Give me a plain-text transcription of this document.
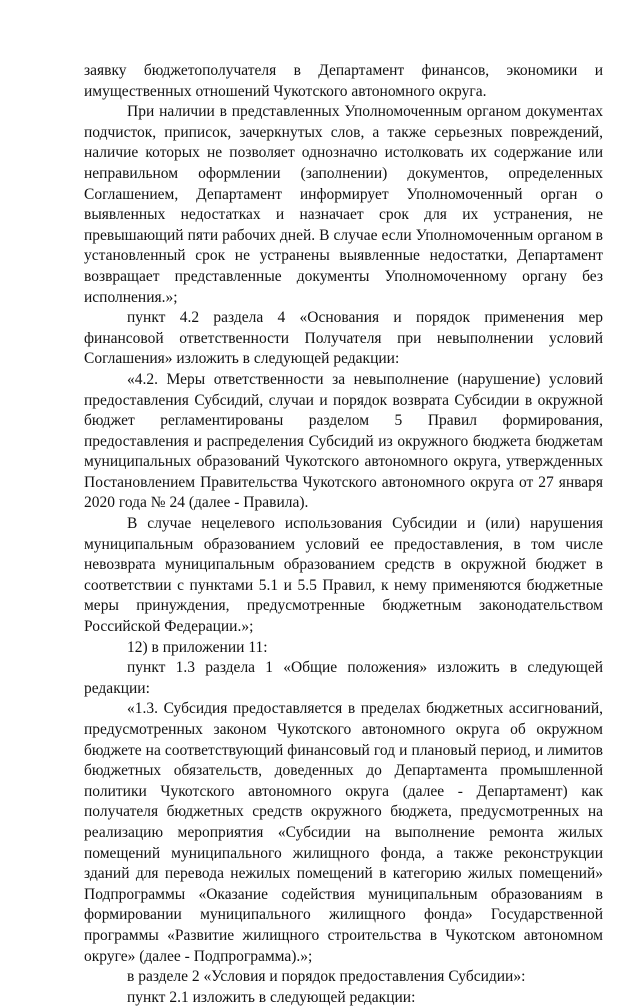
заявку бюджетополучателя в Департамент финансов, экономики и имущественных отношений Чукотского автономного округа.

При наличии в представленных Уполномоченным органом документах подчисток, приписок, зачеркнутых слов, а также серьезных повреждений, наличие которых не позволяет однозначно истолковать их содержание или неправильном оформлении (заполнении) документов, определенных Соглашением, Департамент информирует Уполномоченный орган о выявленных недостатках и назначает срок для их устранения, не превышающий пяти рабочих дней. В случае если Уполномоченным органом в установленный срок не устранены выявленные недостатки, Департамент возвращает представленные документы Уполномоченному органу без исполнения.»;

пункт 4.2 раздела 4 «Основания и порядок применения мер финансовой ответственности Получателя при невыполнении условий Соглашения» изложить в следующей редакции:

«4.2. Меры ответственности за невыполнение (нарушение) условий предоставления Субсидий, случаи и порядок возврата Субсидии в окружной бюджет регламентированы разделом 5 Правил формирования, предоставления и распределения Субсидий из окружного бюджета бюджетам муниципальных образований Чукотского автономного округа, утвержденных Постановлением Правительства Чукотского автономного округа от 27 января 2020 года № 24 (далее - Правила).

В случае нецелевого использования Субсидии и (или) нарушения муниципальным образованием условий ее предоставления, в том числе невозврата муниципальным образованием средств в окружной бюджет в соответствии с пунктами 5.1 и 5.5 Правил, к нему применяются бюджетные меры принуждения, предусмотренные бюджетным законодательством Российской Федерации.»;

12) в приложении 11:

пункт 1.3 раздела 1 «Общие положения» изложить в следующей редакции:

«1.3. Субсидия предоставляется в пределах бюджетных ассигнований, предусмотренных законом Чукотского автономного округа об окружном бюджете на соответствующий финансовый год и плановый период, и лимитов бюджетных обязательств, доведенных до Департамента промышленной политики Чукотского автономного округа (далее - Департамент) как получателя бюджетных средств окружного бюджета, предусмотренных на реализацию мероприятия «Субсидии на выполнение ремонта жилых помещений муниципального жилищного фонда, а также реконструкции зданий для перевода нежилых помещений в категорию жилых помещений» Подпрограммы «Оказание содействия муниципальным образованиям в формировании муниципального жилищного фонда» Государственной программы «Развитие жилищного строительства в Чукотском автономном округе» (далее - Подпрограмма).»;

в разделе 2 «Условия и порядок предоставления Субсидии»:

пункт 2.1 изложить в следующей редакции:
